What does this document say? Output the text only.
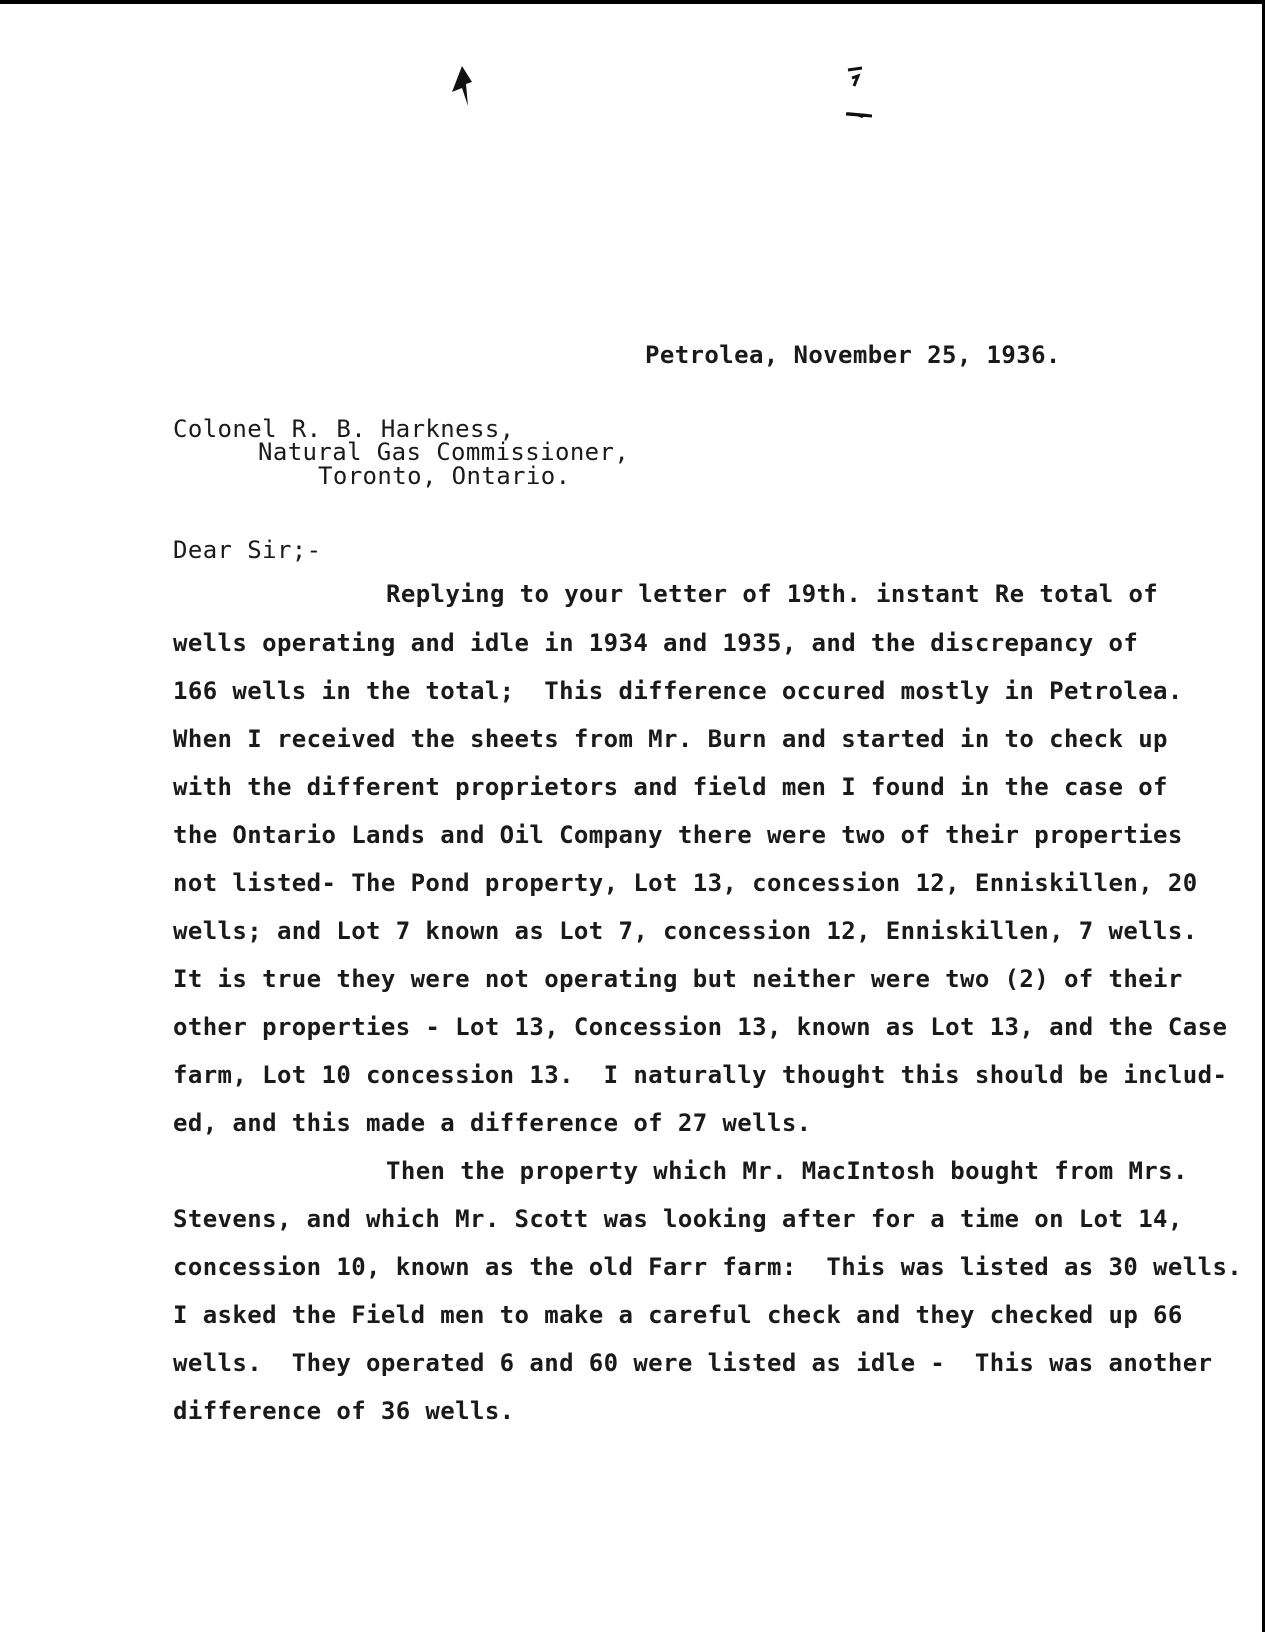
Petrolea, November 25, 1936.
Colonel R. B. Harkness,
Natural Gas Commissioner,
Toronto, Ontario.
Dear Sir;-
Replying to your letter of 19th. instant Re total of
wells operating and idle in 1934 and 1935, and the discrepancy of
166 wells in the total;  This difference occured mostly in Petrolea.
When I received the sheets from Mr. Burn and started in to check up
with the different proprietors and field men I found in the case of
the Ontario Lands and Oil Company there were two of their properties
not listed- The Pond property, Lot 13, concession 12, Enniskillen, 20
wells; and Lot 7 known as Lot 7, concession 12, Enniskillen, 7 wells.
It is true they were not operating but neither were two (2) of their
other properties - Lot 13, Concession 13, known as Lot 13, and the Case
farm, Lot 10 concession 13.  I naturally thought this should be includ-
ed, and this made a difference of 27 wells.
Then the property which Mr. MacIntosh bought from Mrs.
Stevens, and which Mr. Scott was looking after for a time on Lot 14,
concession 10, known as the old Farr farm:  This was listed as 30 wells.
I asked the Field men to make a careful check and they checked up 66
wells.  They operated 6 and 60 were listed as idle -  This was another
difference of 36 wells.
